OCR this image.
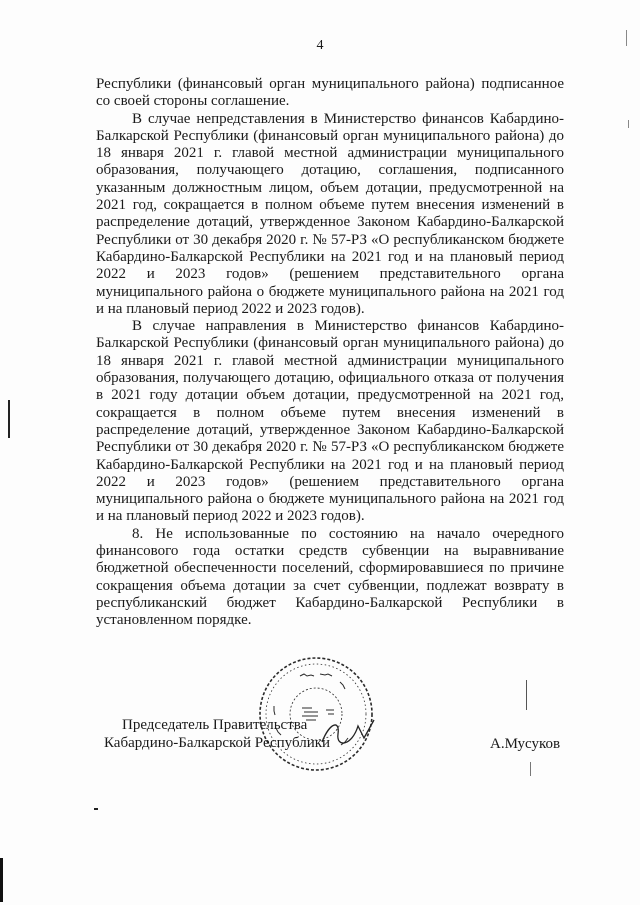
4

Республики (финансовый орган муниципального района) подписанное со своей стороны соглашение.

В случае непредставления в Министерство финансов Кабардино-Балкарской Республики (финансовый орган муниципального района) до 18 января 2021 г. главой местной администрации муниципального образования, получающего дотацию, соглашения, подписанного указанным должностным лицом, объем дотации, предусмотренной на 2021 год, сокращается в полном объеме путем внесения изменений в распределение дотаций, утвержденное Законом Кабардино-Балкарской Республики от 30 декабря 2020 г. № 57-РЗ «О республиканском бюджете Кабардино-Балкарской Республики на 2021 год и на плановый период 2022 и 2023 годов» (решением представительного органа муниципального района о бюджете муниципального района на 2021 год и на плановый период 2022 и 2023 годов).

В случае направления в Министерство финансов Кабардино-Балкарской Республики (финансовый орган муниципального района) до 18 января 2021 г. главой местной администрации муниципального образования, получающего дотацию, официального отказа от получения в 2021 году дотации объем дотации, предусмотренной на 2021 год, сокращается в полном объеме путем внесения изменений в распределение дотаций, утвержденное Законом Кабардино-Балкарской Республики от 30 декабря 2020 г. № 57-РЗ «О республиканском бюджете Кабардино-Балкарской Республики на 2021 год и на плановый период 2022 и 2023 годов» (решением представительного органа муниципального района о бюджете муниципального района на 2021 год и на плановый период 2022 и 2023 годов).

8. Не использованные по состоянию на начало очередного финансового года остатки средств субвенции на выравнивание бюджетной обеспеченности поселений, сформировавшиеся по причине сокращения объема дотации за счет субвенции, подлежат возврату в республиканский бюджет Кабардино-Балкарской Республики в установленном порядке.

Председатель Правительства
Кабардино-Балкарской Республики	А.Мусуков
